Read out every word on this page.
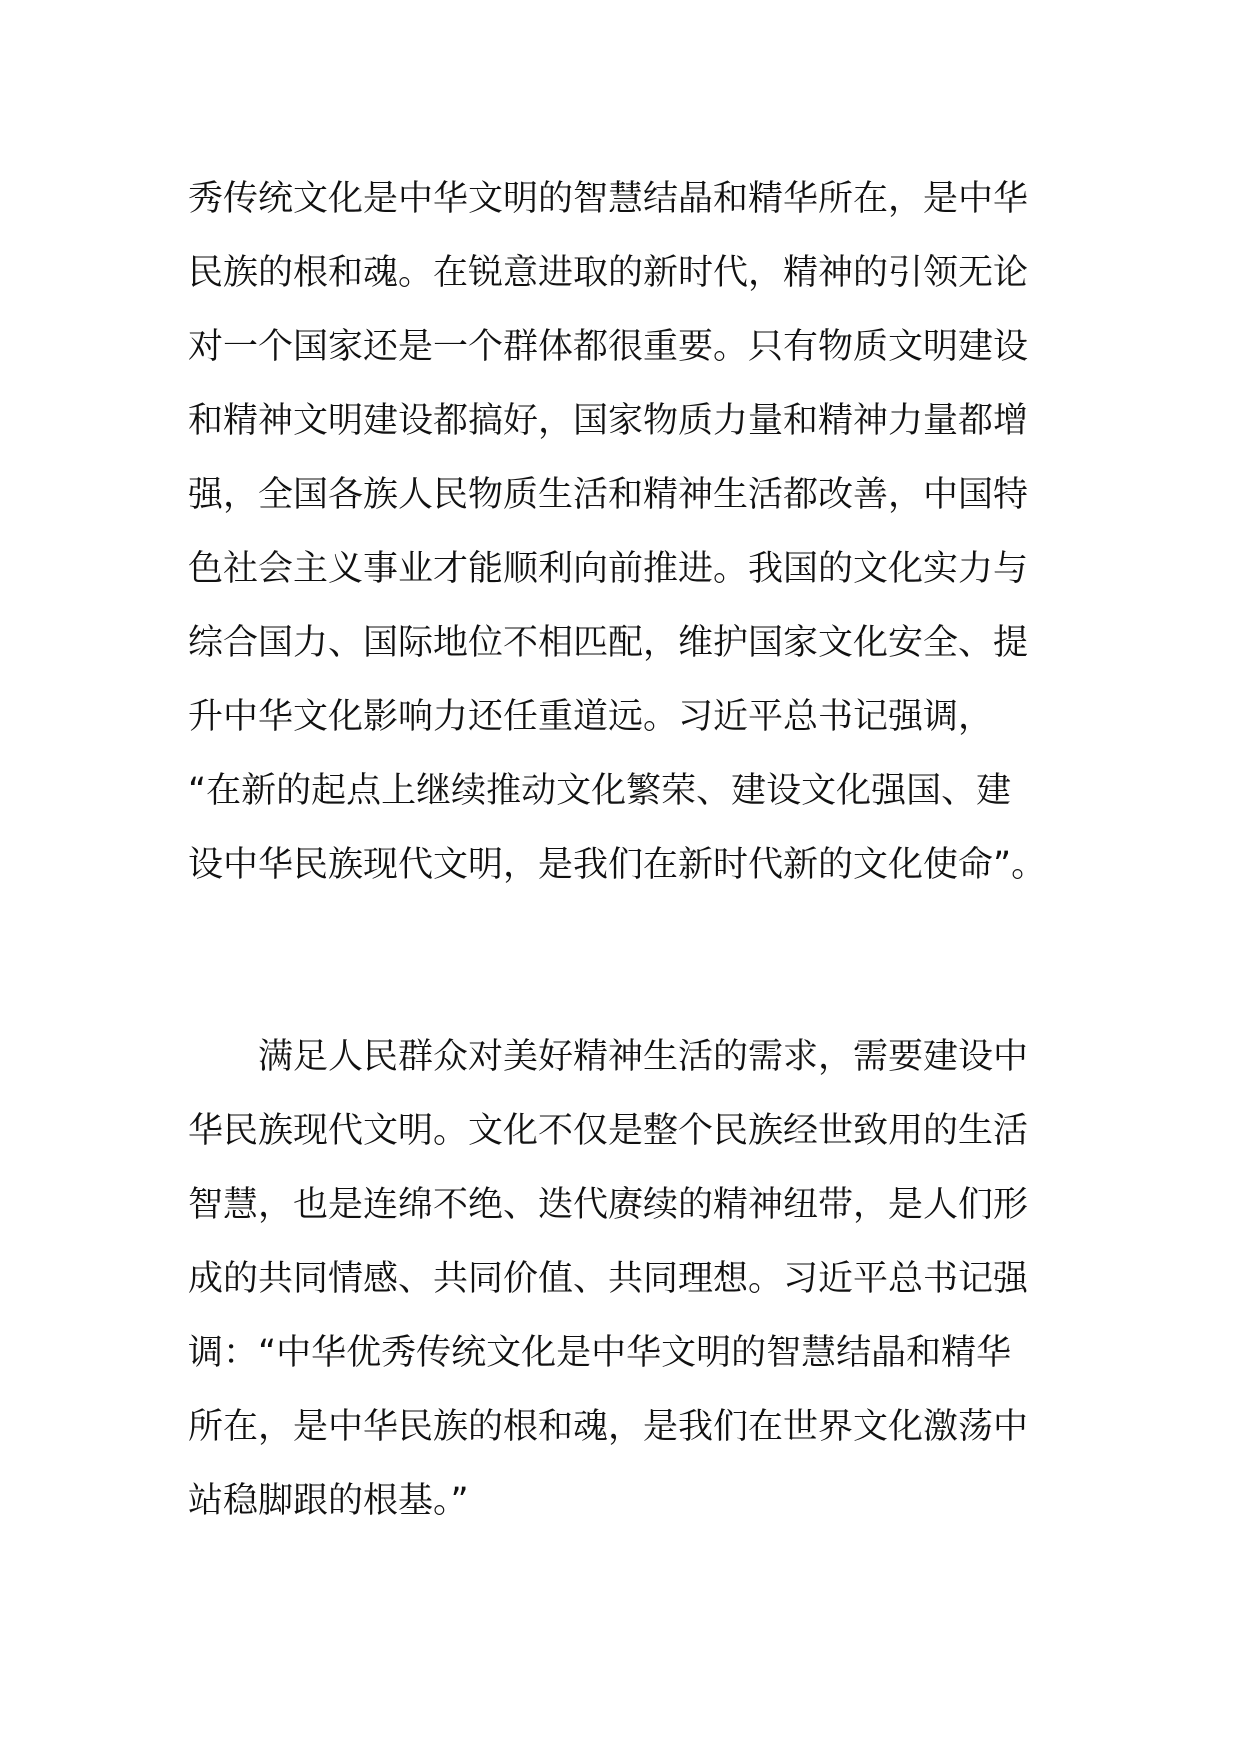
秀传统文化是中华文明的智慧结晶和精华所在，是中华
民族的根和魂。在锐意进取的新时代，精神的引领无论
对一个国家还是一个群体都很重要。只有物质文明建设
和精神文明建设都搞好，国家物质力量和精神力量都增
强，全国各族人民物质生活和精神生活都改善，中国特
色社会主义事业才能顺利向前推进。我国的文化实力与
综合国力、国际地位不相匹配，维护国家文化安全、提
升中华文化影响力还任重道远。习近平总书记强调，
“在新的起点上继续推动文化繁荣、建设文化强国、建
设中华民族现代文明，是我们在新时代新的文化使命”。
　　满足人民群众对美好精神生活的需求，需要建设中
华民族现代文明。文化不仅是整个民族经世致用的生活
智慧，也是连绵不绝、迭代赓续的精神纽带，是人们形
成的共同情感、共同价值、共同理想。习近平总书记强
调：“中华优秀传统文化是中华文明的智慧结晶和精华
所在，是中华民族的根和魂，是我们在世界文化激荡中
站稳脚跟的根基。”
